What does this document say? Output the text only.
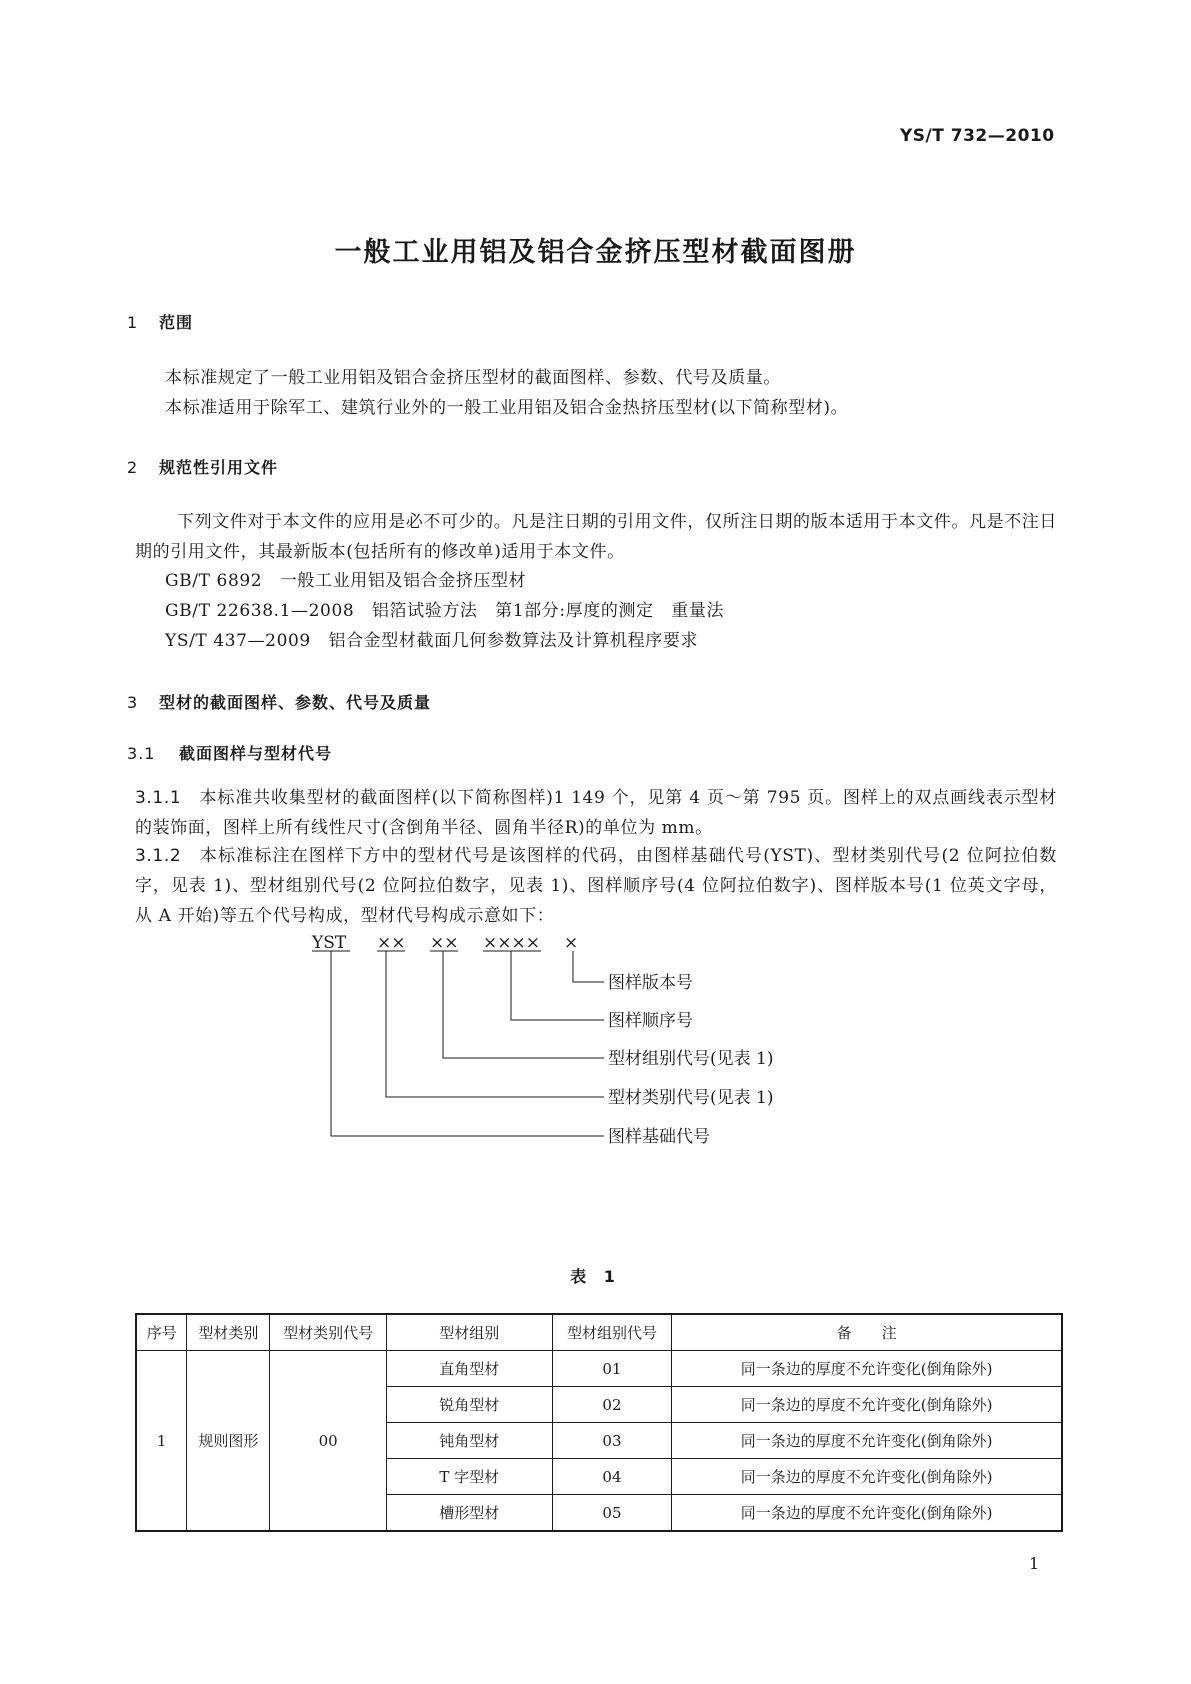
YS/T 732—2010
一般工业用铝及铝合金挤压型材截面图册
1 范围
本标准规定了一般工业用铝及铝合金挤压型材的截面图样、参数、代号及质量。
本标准适用于除军工、建筑行业外的一般工业用铝及铝合金热挤压型材(以下简称型材)。
2 规范性引用文件
下列文件对于本文件的应用是必不可少的。凡是注日期的引用文件，仅所注日期的版本适用于本文件。凡是不注日期的引用文件，其最新版本(包括所有的修改单)适用于本文件。
GB/T 6892　 一般工业用铝及铝合金挤压型材
GB/T 22638.1—2008　 铝箔试验方法　第1部分:厚度的测定　重量法
YS/T 437—2009　 铝合金型材截面几何参数算法及计算机程序要求
3 型材的截面图样、参数、代号及质量
3.1 截面图样与型材代号
3.1.1 本标准共收集型材的截面图样(以下简称图样)1 149 个，见第 4 页～第 795 页。图样上的双点画线表示型材的装饰面，图样上所有线性尺寸(含倒角半径、圆角半径R)的单位为 mm。
3.1.2 本标准标注在图样下方中的型材代号是该图样的代码，由图样基础代号(YST)、型材类别代号(2 位阿拉伯数字，见表 1)、型材组别代号(2 位阿拉伯数字，见表 1)、图样顺序号(4 位阿拉伯数字)、图样版本号(1 位英文字母，从 A 开始)等五个代号构成，型材代号构成示意如下：
YST ×× ×× ×××× ×
图样版本号
图样顺序号
型材组别代号(见表 1)
型材类别代号(见表 1)
图样基础代号
表 1
序号	型材类别	型材类别代号	型材组别	型材组别代号	备　　注
1	规则图形	00	直角型材	01	同一条边的厚度不允许变化(倒角除外)
			锐角型材	02	同一条边的厚度不允许变化(倒角除外)
			钝角型材	03	同一条边的厚度不允许变化(倒角除外)
			T 字型材	04	同一条边的厚度不允许变化(倒角除外)
			槽形型材	05	同一条边的厚度不允许变化(倒角除外)
1
